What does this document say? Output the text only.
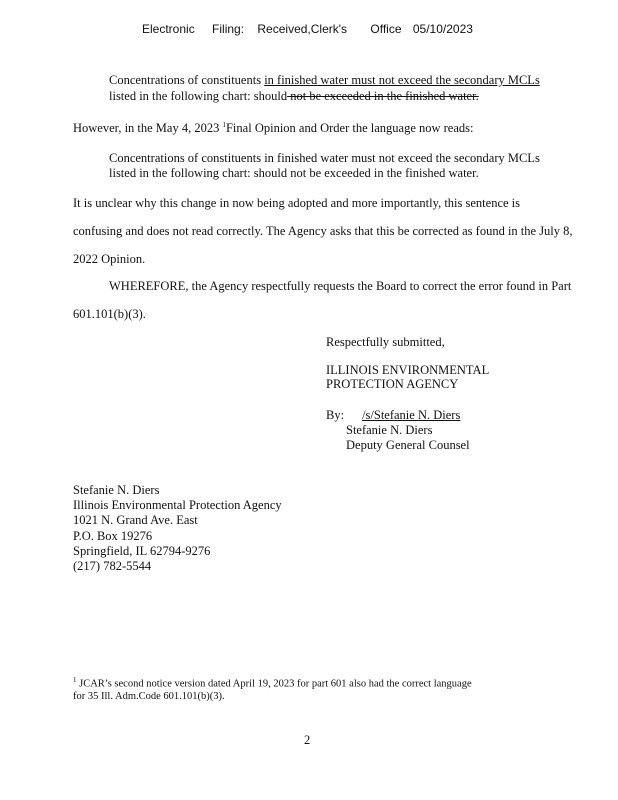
Electronic Filing: Received,Clerk's Office 05/10/2023
Concentrations of constituents in finished water must not exceed the secondary MCLs
listed in the following chart: should not be exceeded in the finished water.
However, in the May 4, 2023 $^1$Final Opinion and Order the language now reads:
Concentrations of constituents in finished water must not exceed the secondary MCLs
listed in the following chart: should not be exceeded in the finished water.
It is unclear why this change in now being adopted and more importantly, this sentence is
confusing and does not read correctly. The Agency asks that this be corrected as found in the July 8,
2022 Opinion.
WHEREFORE, the Agency respectfully requests the Board to correct the error found in Part
601.101(b)(3).
Respectfully submitted,
ILLINOIS ENVIRONMENTAL
PROTECTION AGENCY
By: /s/Stefanie N. Diers
Stefanie N. Diers
Deputy General Counsel
Stefanie N. Diers
Illinois Environmental Protection Agency
1021 N. Grand Ave. East
P.O. Box 19276
Springfield, IL 62794-9276
(217) 782-5544
$^1$ JCAR’s second notice version dated April 19, 2023 for part 601 also had the correct language
for 35 Ill. Adm.Code 601.101(b)(3).
2
